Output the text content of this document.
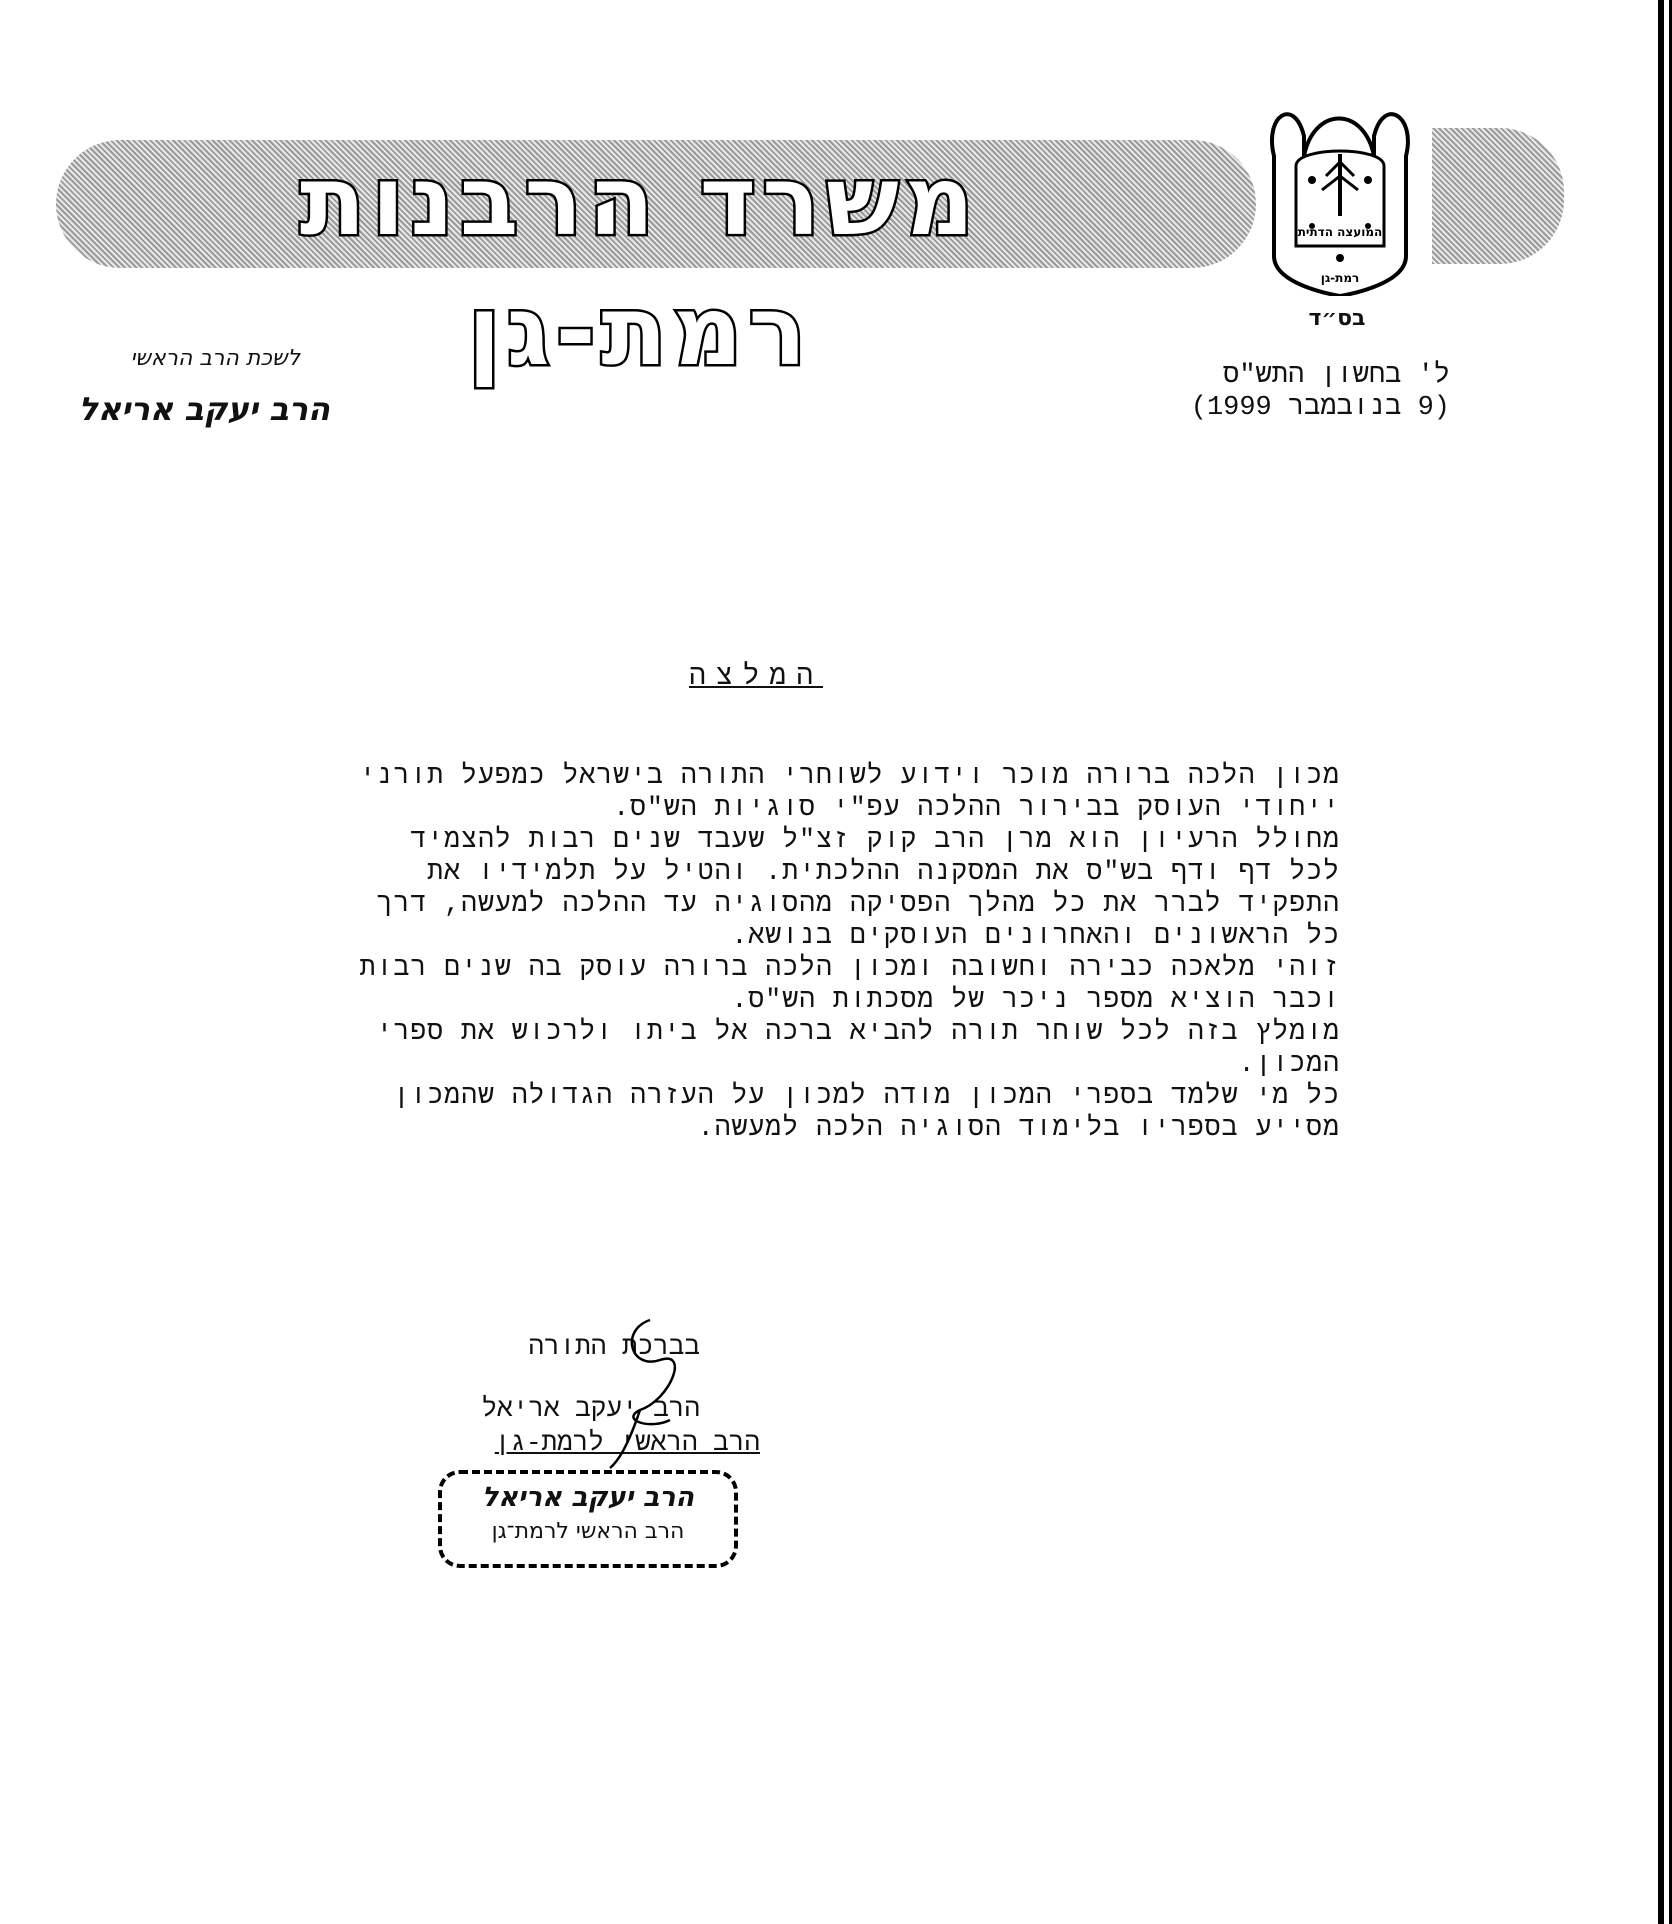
משרד הרבנות רמת-גן
המועצה הדתית
רמת-גן
בס״ד
לשכת הרב הראשי
הרב יעקב אריאל
ל' בחשון התש"ס
(9 בנובמבר 1999)
המלצה

מכון הלכה ברורה מוכר וידוע לשוחרי התורה בישראל כמפעל תורני

ייחודי העוסק בבירור ההלכה עפ"י סוגיות הש"ס.

מחולל הרעיון הוא מרן הרב קוק זצ"ל שעבד שנים רבות להצמיד

לכל דף ודף בש"ס את המסקנה ההלכתית. והטיל על תלמידיו את

התפקיד לברר את כל מהלך הפסיקה מהסוגיה עד ההלכה למעשה, דרך

כל הראשונים והאחרונים העוסקים בנושא.

זוהי מלאכה כבירה וחשובה ומכון הלכה ברורה עוסק בה שנים רבות

וכבר הוציא מספר ניכר של מסכתות הש"ס.

מומלץ בזה לכל שוחר תורה להביא ברכה אל ביתו ולרכוש את ספרי

המכון.

כל מי שלמד בספרי המכון מודה למכון על העזרה הגדולה שהמכון

מסייע בספריו בלימוד הסוגיה הלכה למעשה.

בברכת התורה
הרב יעקב אריאל
הרב הראשי לרמת-גן
הרב יעקב אריאל
הרב הראשי לרמת־גן
